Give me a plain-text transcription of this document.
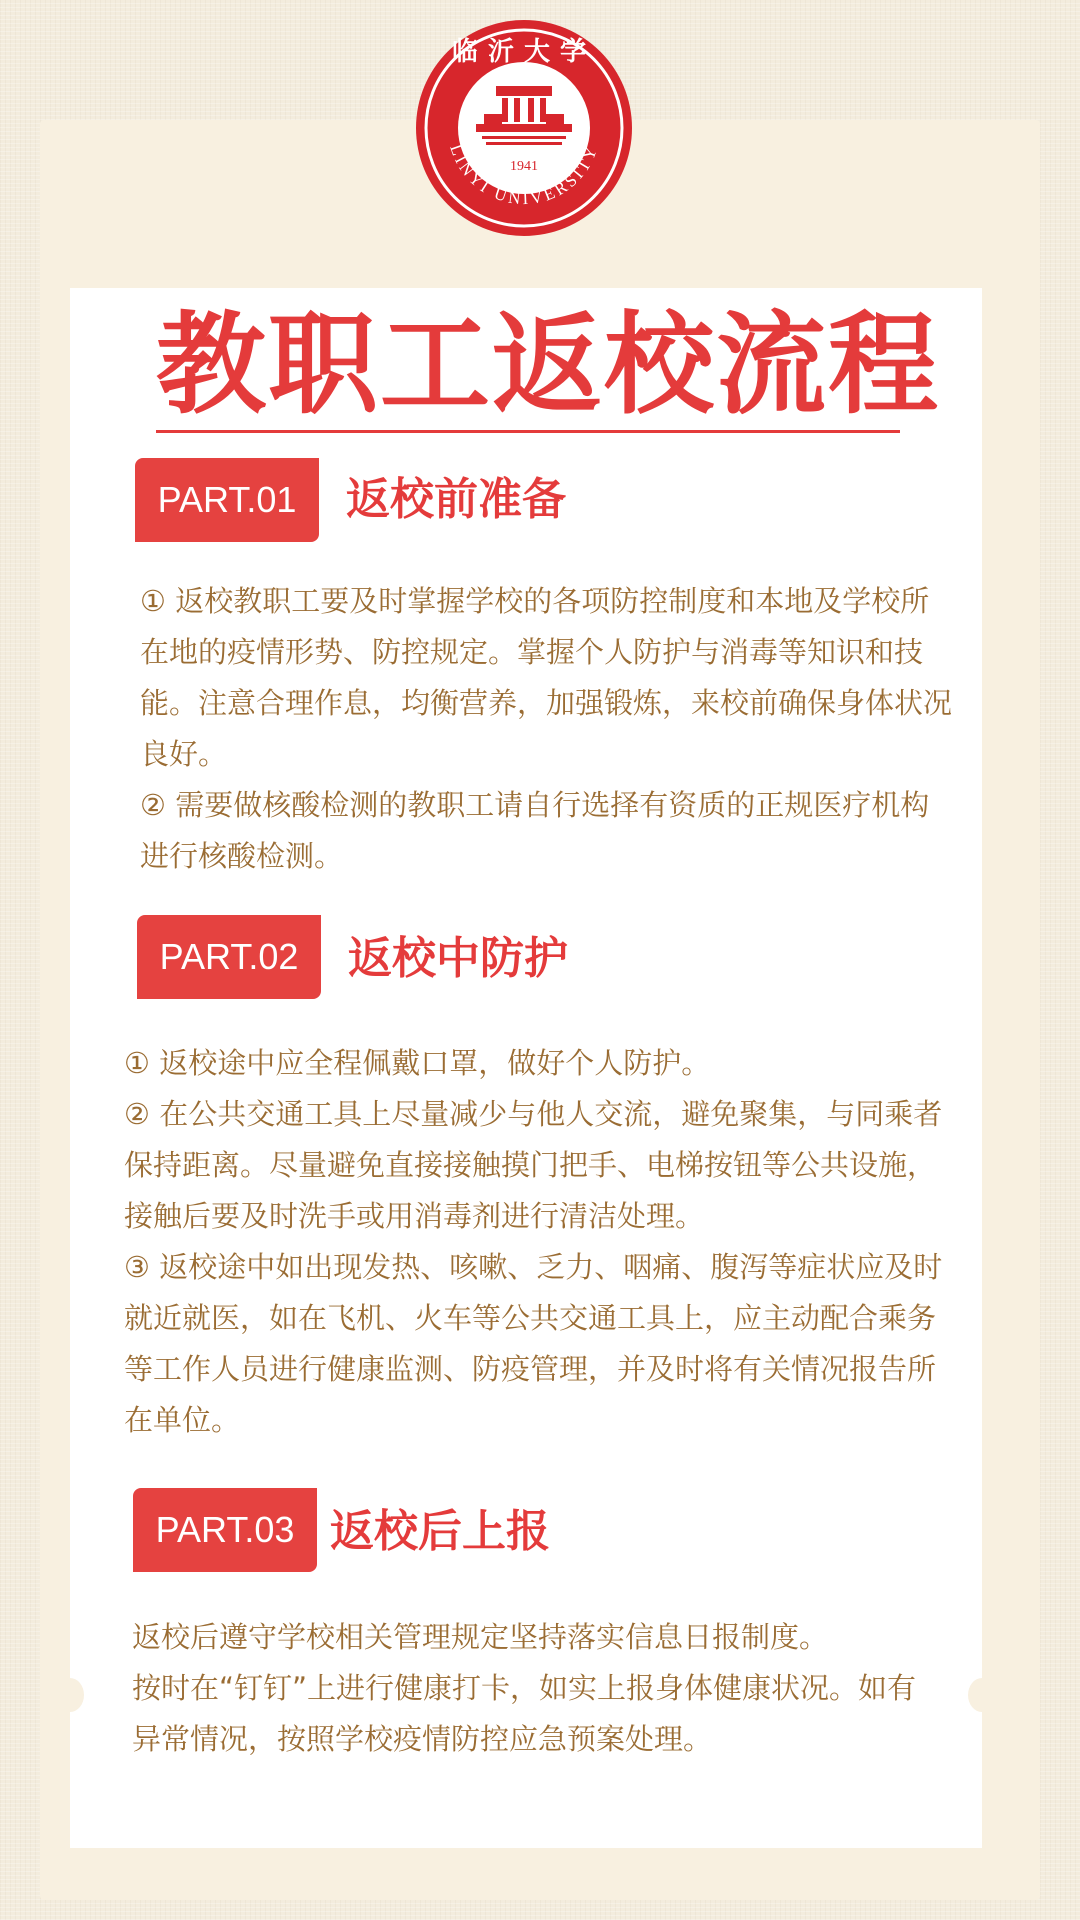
1941
临沂大学
LINYI UNIVERSITY
教职工返校流程
PART.01	返校前准备

① 返校教职工要及时掌握学校的各项防控制度和本地及学校所在地的疫情形势、防控规定。掌握个人防护与消毒等知识和技能。注意合理作息，均衡营养，加强锻炼，来校前确保身体状况良好。

② 需要做核酸检测的教职工请自行选择有资质的正规医疗机构进行核酸检测。

PART.02	返校中防护

① 返校途中应全程佩戴口罩，做好个人防护。

② 在公共交通工具上尽量减少与他人交流，避免聚集，与同乘者保持距离。尽量避免直接接触摸门把手、电梯按钮等公共设施，接触后要及时洗手或用消毒剂进行清洁处理。

③ 返校途中如出现发热、咳嗽、乏力、咽痛、腹泻等症状应及时就近就医，如在飞机、火车等公共交通工具上，应主动配合乘务等工作人员进行健康监测、防疫管理，并及时将有关情况报告所在单位。

PART.03 返校后上报

返校后遵守学校相关管理规定坚持落实信息日报制度。

按时在“钉钉”上进行健康打卡，如实上报身体健康状况。如有异常情况，按照学校疫情防控应急预案处理。
